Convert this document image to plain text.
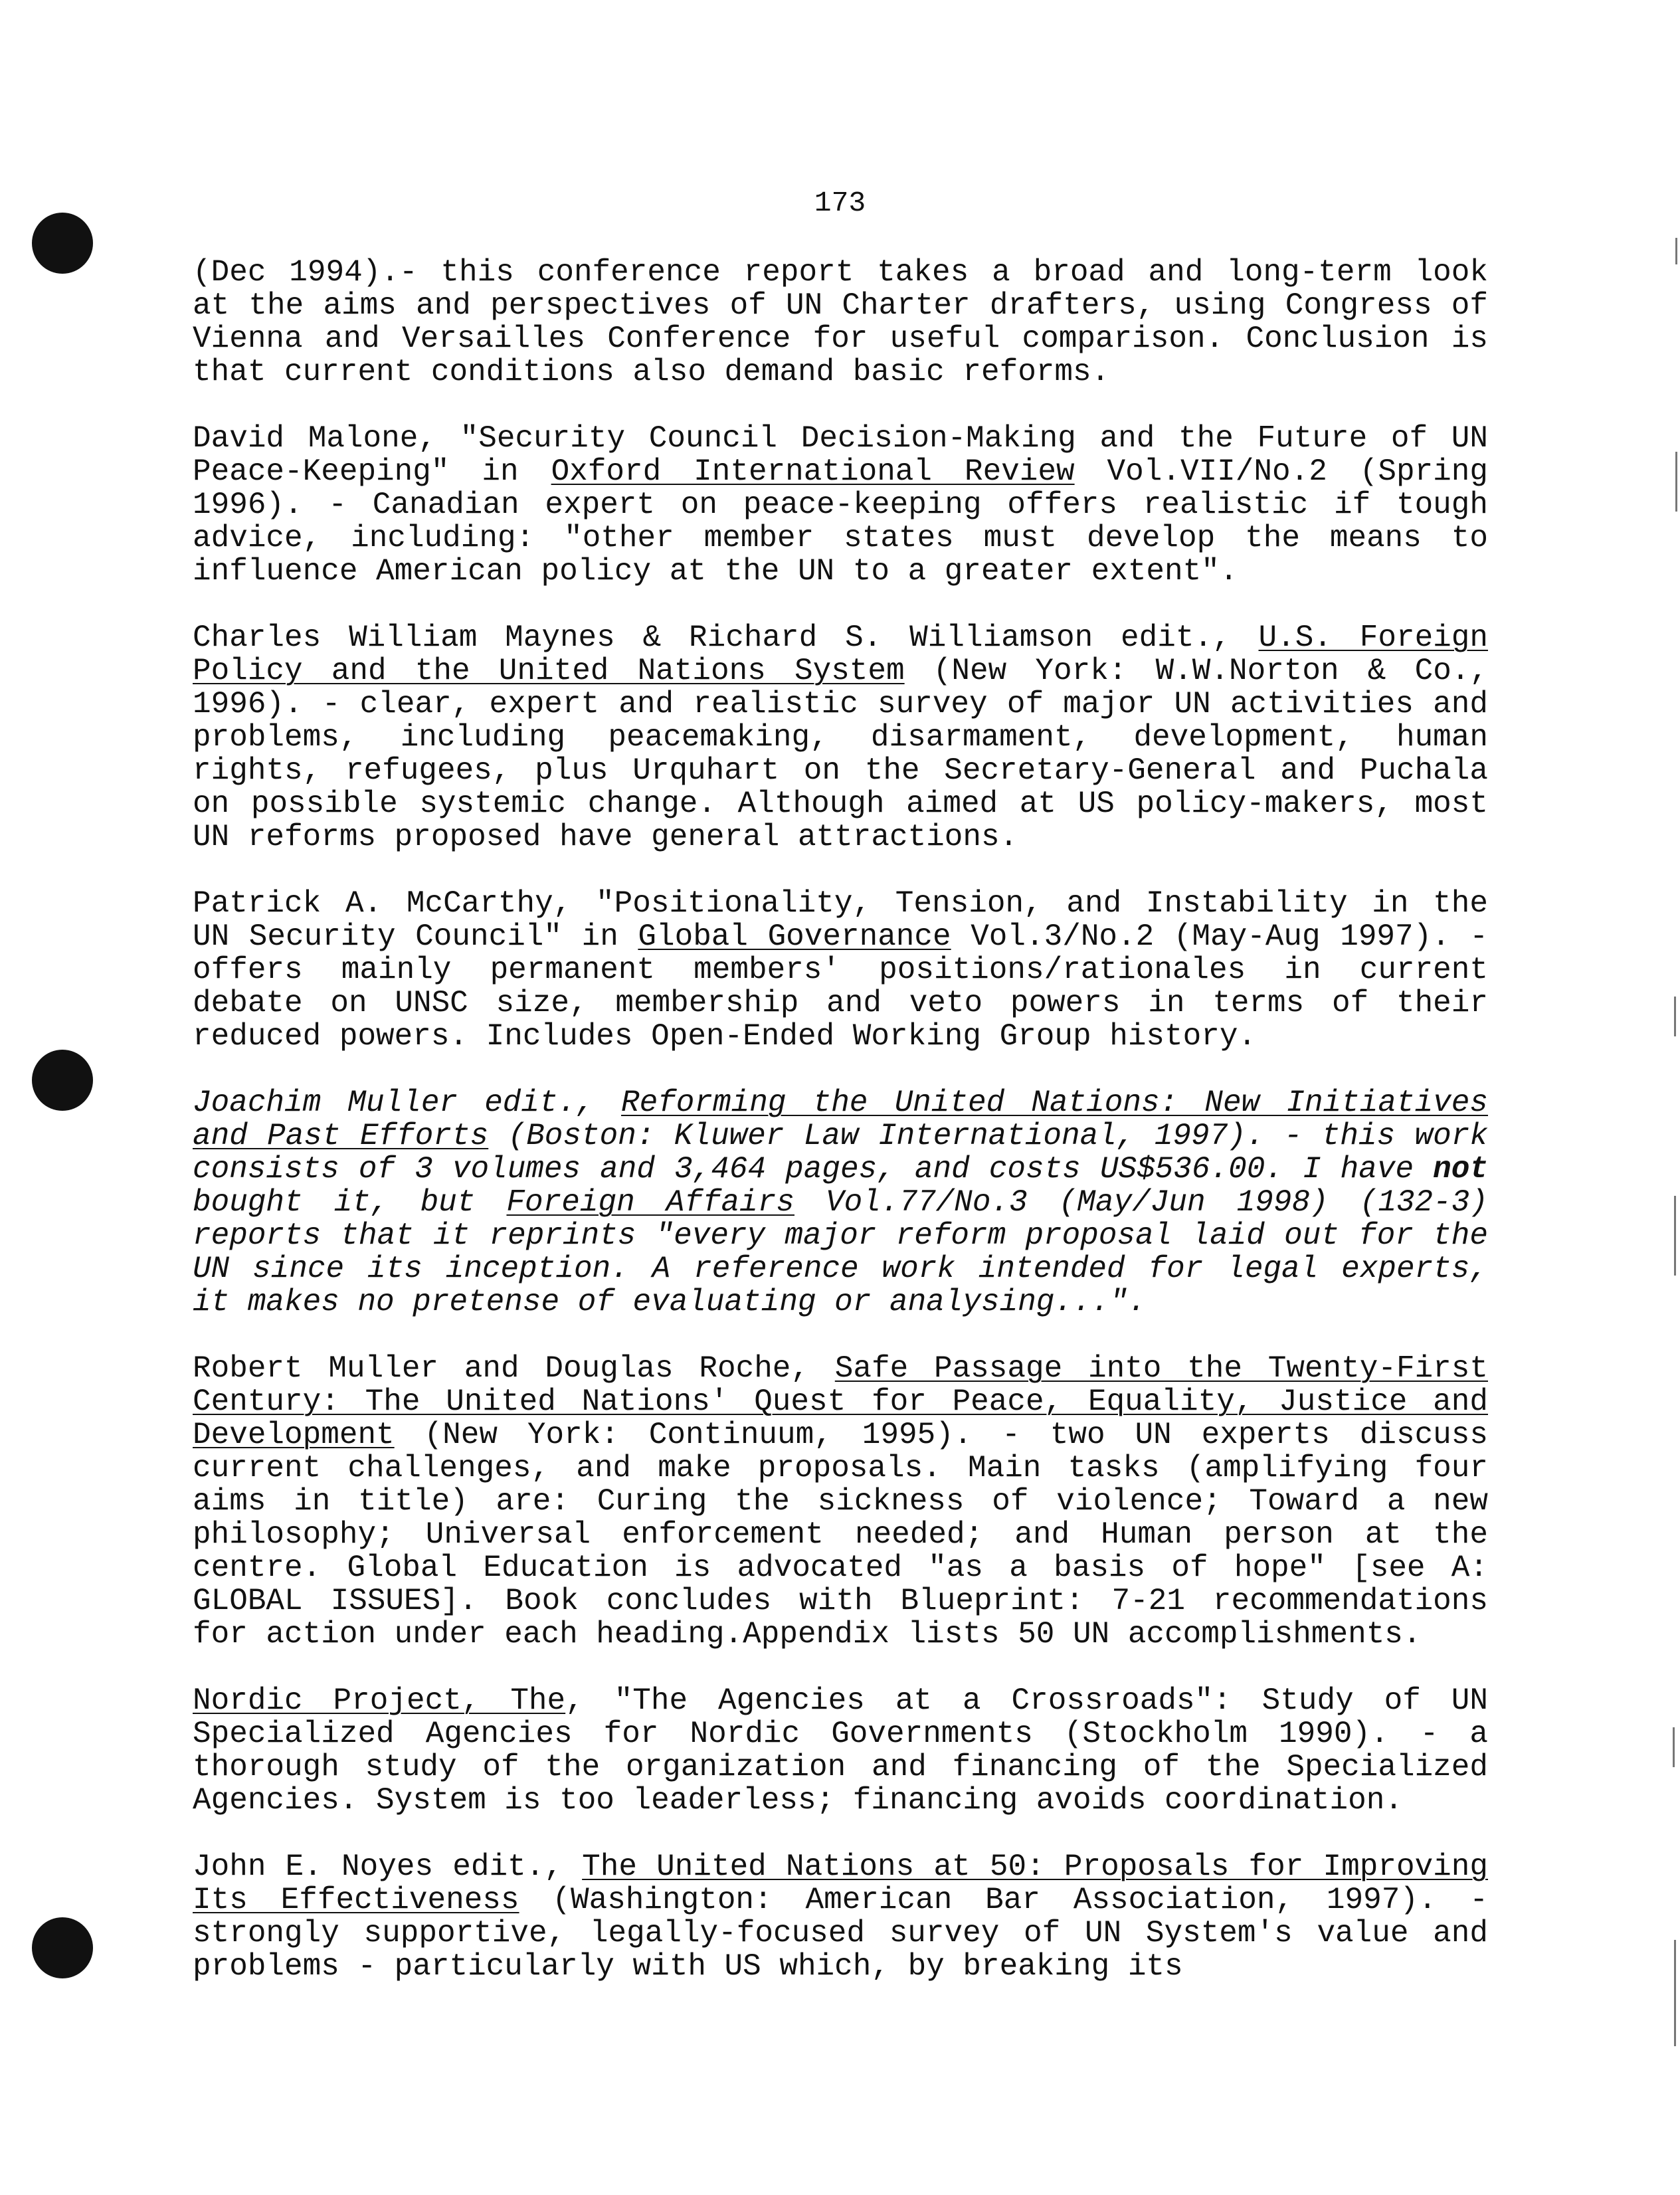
173

(Dec 1994).- this conference report takes a broad and long-term look at the aims and perspectives of UN Charter drafters, using Congress of Vienna and Versailles Conference for useful comparison. Conclusion is that current conditions also demand basic reforms.

David Malone, "Security Council Decision-Making and the Future of UN Peace-Keeping" in Oxford International Review Vol.VII/No.2 (Spring 1996). - Canadian expert on peace-keeping offers realistic if tough advice, including: "other member states must develop the means to influence American policy at the UN to a greater extent".

Charles William Maynes & Richard S. Williamson edit., U.S. Foreign Policy and the United Nations System (New York: W.W.Norton & Co., 1996). - clear, expert and realistic survey of major UN activities and problems, including peacemaking, disarmament, development, human rights, refugees, plus Urquhart on the Secretary-General and Puchala on possible systemic change. Although aimed at US policy-makers, most UN reforms proposed have general attractions.

Patrick A. McCarthy, "Positionality, Tension, and Instability in the UN Security Council" in Global Governance Vol.3/No.2 (May-Aug 1997). - offers mainly permanent members' positions/rationales in current debate on UNSC size, membership and veto powers in terms of their reduced powers. Includes Open-Ended Working Group history.

Joachim Muller edit., Reforming the United Nations: New Initiatives and Past Efforts (Boston: Kluwer Law International, 1997). - this work consists of 3 volumes and 3,464 pages, and costs US$536.00. I have not bought it, but Foreign Affairs Vol.77/No.3 (May/Jun 1998) (132-3) reports that it reprints "every major reform proposal laid out for the UN since its inception. A reference work intended for legal experts, it makes no pretense of evaluating or analysing...".

Robert Muller and Douglas Roche, Safe Passage into the Twenty-First Century: The United Nations' Quest for Peace, Equality, Justice and Development (New York: Continuum, 1995). - two UN experts discuss current challenges, and make proposals. Main tasks (amplifying four aims in title) are: Curing the sickness of violence; Toward a new philosophy; Universal enforcement needed; and Human person at the centre. Global Education is advocated "as a basis of hope" [see A: GLOBAL ISSUES]. Book concludes with Blueprint: 7-21 recommendations for action under each heading.Appendix lists 50 UN accomplishments.

Nordic Project, The, "The Agencies at a Crossroads": Study of UN Specialized Agencies for Nordic Governments (Stockholm 1990). - a thorough study of the organization and financing of the Specialized Agencies. System is too leaderless; financing avoids coordination.

John E. Noyes edit., The United Nations at 50: Proposals for Improving Its Effectiveness (Washington: American Bar Association, 1997). - strongly supportive, legally-focused survey of UN System's value and problems - particularly with US which, by breaking its
